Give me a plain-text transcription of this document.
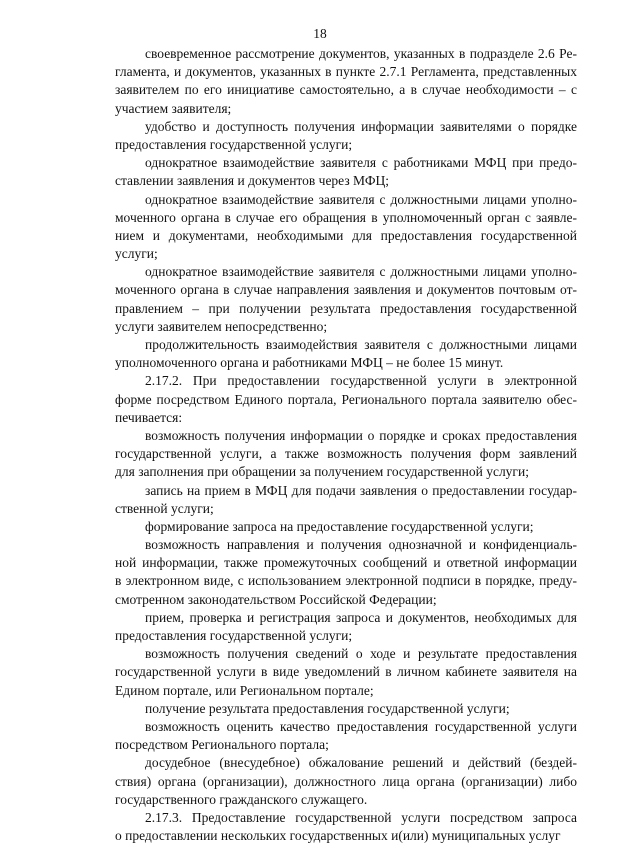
18
своевременное рассмотрение документов, указанных в подразделе 2.6 Ре-
гламента, и документов, указанных в пункте 2.7.1 Регламента, представленных
заявителем по его инициативе самостоятельно, а в случае необходимости – с
участием заявителя;
удобство и доступность получения информации заявителями о порядке
предоставления государственной услуги;
однократное взаимодействие заявителя с работниками МФЦ при предо-
ставлении заявления и документов через МФЦ;
однократное взаимодействие заявителя с должностными лицами уполно-
моченного органа в случае его обращения в уполномоченный орган с заявле-
нием и документами, необходимыми для предоставления государственной
услуги;
однократное взаимодействие заявителя с должностными лицами уполно-
моченного органа в случае направления заявления и документов почтовым от-
правлением – при получении результата предоставления государственной
услуги заявителем непосредственно;
продолжительность взаимодействия заявителя с должностными лицами
уполномоченного органа и работниками МФЦ – не более 15 минут.
2.17.2. При предоставлении государственной услуги в электронной
форме посредством Единого портала, Регионального портала заявителю обес-
печивается:
возможность получения информации о порядке и сроках предоставления
государственной услуги, а также возможность получения форм заявлений
для заполнения при обращении за получением государственной услуги;
запись на прием в МФЦ для подачи заявления о предоставлении государ-
ственной услуги;
формирование запроса на предоставление государственной услуги;
возможность направления и получения однозначной и конфиденциаль-
ной информации, также промежуточных сообщений и ответной информации
в электронном виде, с использованием электронной подписи в порядке, преду-
смотренном законодательством Российской Федерации;
прием, проверка и регистрация запроса и документов, необходимых для
предоставления государственной услуги;
возможность получения сведений о ходе и результате предоставления
государственной услуги в виде уведомлений в личном кабинете заявителя на
Едином портале, или Региональном портале;
получение результата предоставления государственной услуги;
возможность оценить качество предоставления государственной услуги
посредством Регионального портала;
досудебное (внесудебное) обжалование решений и действий (бездей-
ствия) органа (организации), должностного лица органа (организации) либо
государственного гражданского служащего.
2.17.3. Предоставление государственной услуги посредством запроса
о предоставлении нескольких государственных и(или) муниципальных услуг
